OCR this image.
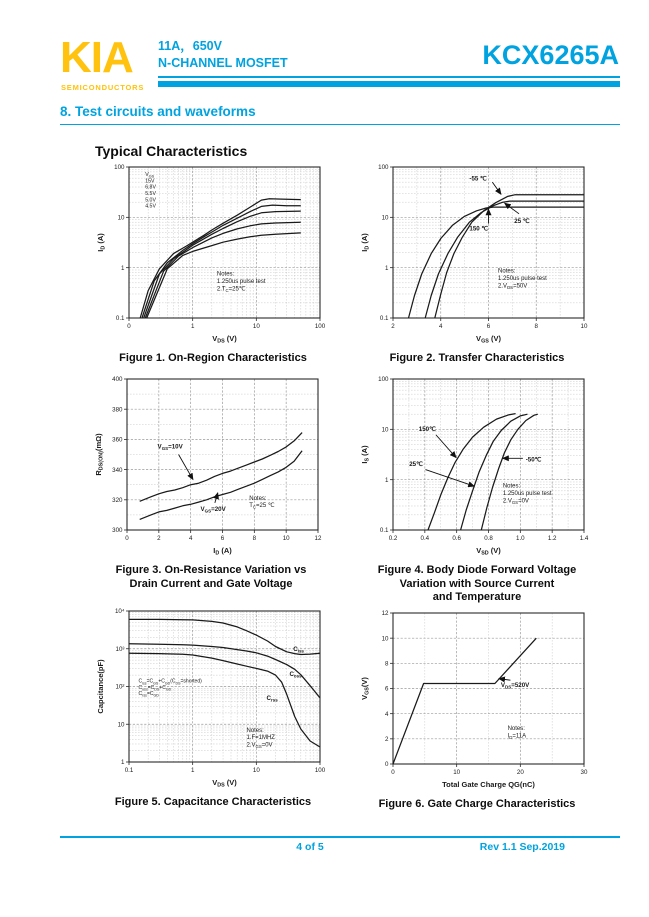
KIA
SEMICONDUCTORS
11A，650V
N-CHANNEL MOSFET	KCX6265A
8. Test circuits and waveforms
Typical Characteristics
0	1	10	100
0.1
1
10
100
$V_{DS}$ (V)
$I_D$ (A)
$V_{GS}$
15V
6.8V
5.5V
5.0V
4.5V
Notes:
1.250us pulse test
$2.T_C=25℃$
Figure 1. On-Region Characteristics
2	4	6	8	10
0.1
1
10
100
$V_{GS}$ (V)
$I_D$ (A)
-55 ℃
150 ℃
25 ℃
Notes:
1.250us pulse test
$2.V_{DS}=50V$
Figure 2. Transfer Characteristics
0	2	4	6	8	10	12
300
320
340
360
380
400
$I_D$ (A)
$R_{DS(ON)}(m\Omega)$	$V_{GS}=10V$
$V_{GS}=20V$
Notes:
$T_C=25$ ℃
Figure 3. On-Resistance Variation vs
Drain Current and Gate Voltage
0.2	0.4	0.6	0.8	1.0	1.2	1.4
0.1
1
10
100
$V_{SD}$ (V)
$I_S$ (A)
150℃
25℃
-50℃
Notes:
1.250us pulse test
$2.V_{GS}=0V$
Figure 4. Body Diode Forward Voltage
Variation with Source Current
and Temperature
0.1	1	10	100
1
10
10²
10³
10⁴
$V_{DS}$ (V)
Capcitance(pF)
$C_{iss}$
$C_{oss}$
$C_{rss}$
$C_{iss}=C_{GS}+C_{GD}(C_{DS}=shorted)$
$C_{oss}=C_{DS}+C_{GD}$
$C_{rss}=C_{GD}$
Notes:
1.F=1MHZ
$2.V_{GS}=0V$
Figure 5. Capacitance Characteristics
0	10	20	30
0
2
4
6
8
10
12
Total Gate Charge QG(nC)
$V_{GS}(V)$	$V_{DS}=520V$
Notes:
$I_D=11A$
Figure 6. Gate Charge Characteristics
4 of 5	Rev 1.1 Sep.2019
